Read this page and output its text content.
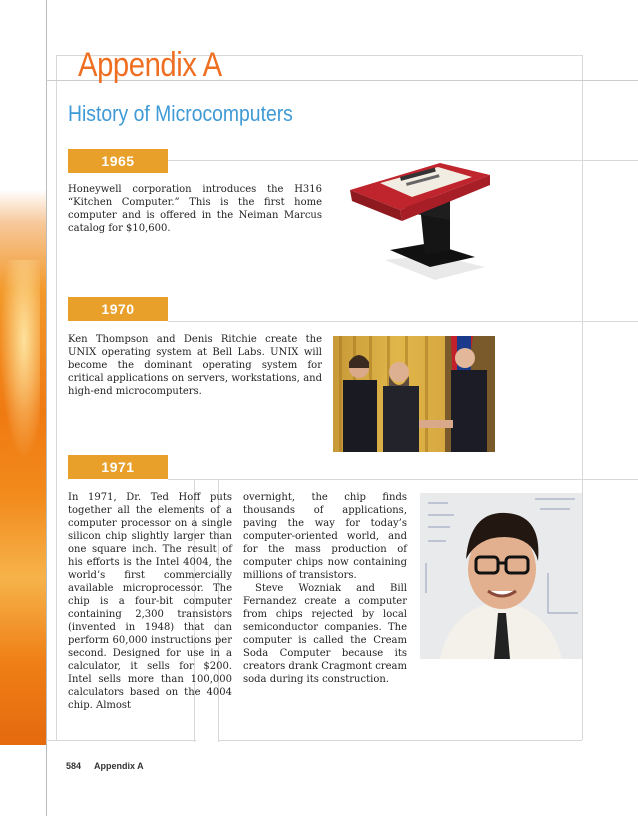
Appendix A
History of Microcomputers
1965

Honeywell corporation introduces the H316 “Kitchen Computer.” This is the first home computer and is offered in the Neiman Marcus catalog for $10,600.

1970

Ken Thompson and Denis Ritchie create the UNIX operating system at Bell Labs. UNIX will become the dominant operating system for critical applications on servers, workstations, and high-end microcomputers.

1971

In 1971, Dr. Ted Hoff puts together all the elements of a computer processor on a single silicon chip slightly larger than one square inch. The result of his efforts is the Intel 4004, the world’s first commercially available microprocessor. The chip is a four-bit computer containing 2,300 transistors (invented in 1948) that can perform 60,000 instructions per second. Designed for use in a calculator, it sells for $200. Intel sells more than 100,000 calculators based on the 4004 chip. Almost

overnight, the chip finds thousands of applications, paving the way for today’s computer-oriented world, and for the mass production of computer chips now containing millions of transistors.

Steve Wozniak and Bill Fernandez create a computer from chips rejected by local semiconductor companies. The computer is called the Cream Soda Computer because its creators drank Cragmont cream soda during its construction.

584 Appendix A
